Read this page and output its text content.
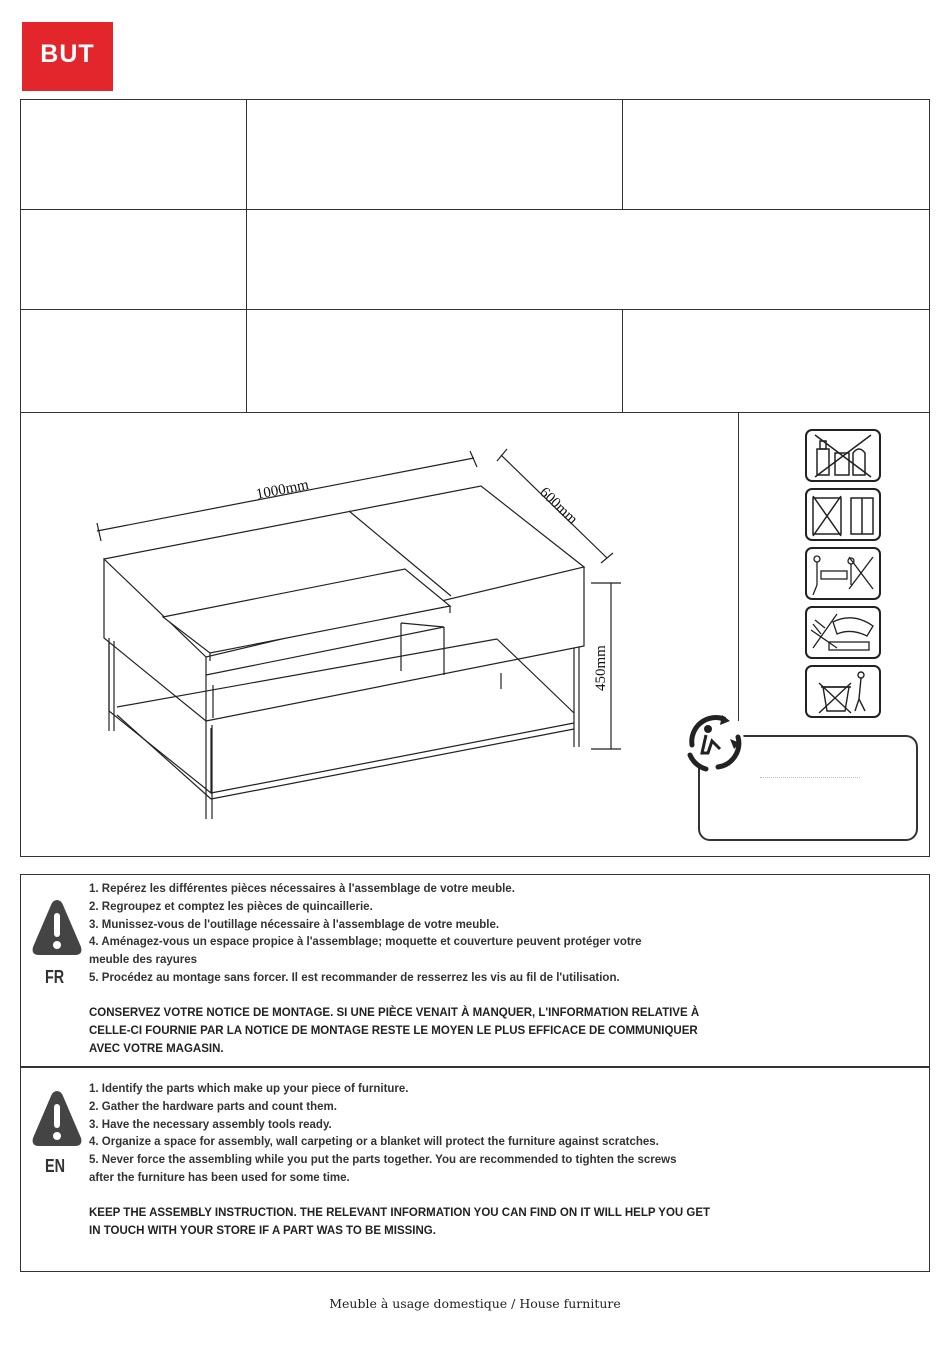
BUT
1000mm	600mm
450mm
FR
1. Repérez les différentes pièces nécessaires à l'assemblage de votre meuble.
2. Regroupez et comptez les pièces de quincaillerie.
3. Munissez-vous de l'outillage nécessaire à l'assemblage de votre meuble.
4. Aménagez-vous un espace propice à l'assemblage; moquette et couverture peuvent protéger votre
meuble des rayures
5. Procédez au montage sans forcer. Il est recommander de resserrez les vis au fil de l'utilisation.
CONSERVEZ VOTRE NOTICE DE MONTAGE. SI UNE PIÈCE VENAIT À MANQUER, L'INFORMATION RELATIVE À CELLE-CI FOURNIE PAR LA NOTICE DE MONTAGE RESTE LE MOYEN LE PLUS EFFICACE DE COMMUNIQUER AVEC VOTRE MAGASIN.
EN
1. Identify the parts which make up your piece of furniture.
2. Gather the hardware parts and count them.
3. Have the necessary assembly tools ready.
4. Organize a space for assembly, wall carpeting or a blanket will protect the furniture against scratches.
5. Never force the assembling while you put the parts together. You are recommended to tighten the screws
after the furniture has been used for some time.
KEEP THE ASSEMBLY INSTRUCTION. THE RELEVANT INFORMATION YOU CAN FIND ON IT WILL HELP YOU GET IN TOUCH WITH YOUR STORE IF A PART WAS TO BE MISSING.
Meuble à usage domestique / House furniture
